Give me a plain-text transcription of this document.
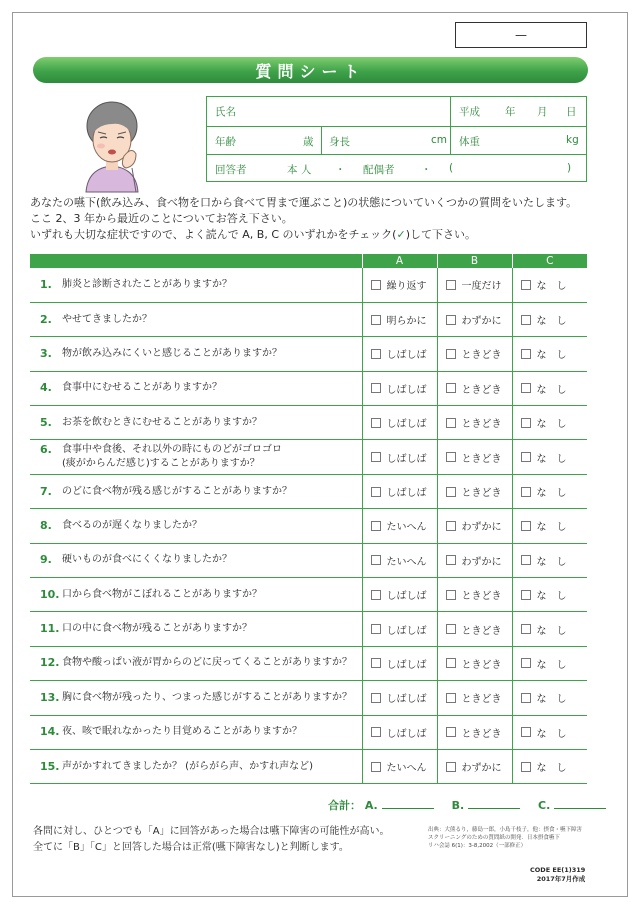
—
質問シート
氏名	平成 年 月 日
年齢	歳 身長	cm 体重	kg
回答者	本 人 ・ 配偶者	・ (	)
あなたの嚥下(飲み込み、食べ物を口から食べて胃まで運ぶこと)の状態についていくつかの質問をいたします。
ここ 2、3 年から最近のことについてお答え下さい。
いずれも大切な症状ですので、よく読んで A, B, C のいずれかをチェック(✓)して下さい。
	A	B	C
1. 肺炎と診断されたことがありますか？	繰り返す	一度だけ	な　し
2. やせてきましたか？	明らかに	わずかに	な　し
3. 物が飲み込みにくいと感じることがありますか？	しばしば	ときどき	な　し
4. 食事中にむせることがありますか？	しばしば	ときどき	な　し
5. お茶を飲むときにむせることがありますか？	しばしば	ときどき	な　し
6. 食事中や食後、それ以外の時にものどがゴロゴロ
(痰がからんだ感じ)することがありますか？	しばしば	ときどき	な　し
7. のどに食べ物が残る感じがすることがありますか？	しばしば	ときどき	な　し
8. 食べるのが遅くなりましたか？	たいへん	わずかに	な　し
9. 硬いものが食べにくくなりましたか？	たいへん	わずかに	な　し
10. 口から食べ物がこぼれることがありますか？	しばしば	ときどき	な　し
11. 口の中に食べ物が残ることがありますか？	しばしば	ときどき	な　し
12. 食物や酸っぱい液が胃からのどに戻ってくることがありますか？	しばしば	ときどき	な　し
13. 胸に食べ物が残ったり、つまった感じがすることがありますか？	しばしば	ときどき	な　し
14. 夜、咳で眠れなかったり目覚めることがありますか？	しばしば	ときどき	な　し
15. 声がかすれてきましたか？ (がらがら声、かすれ声など)	たいへん	わずかに	な　し
合計： A.	B.	C.
各問に対し、ひとつでも「A」に回答があった場合は嚥下障害の可能性が高い。
全てに「B」「C」と回答した場合は正常(嚥下障害なし)と判断します。
出典：大熊るり，藤島一郎，小島千枝子，他：摂食・嚥下障害
スクリーニングのための質問紙の開発．日本摂食嚥下
リハ会誌 6(1)：3-8,2002（一部修正）
CODE EE(1)319
2017年7月作成
